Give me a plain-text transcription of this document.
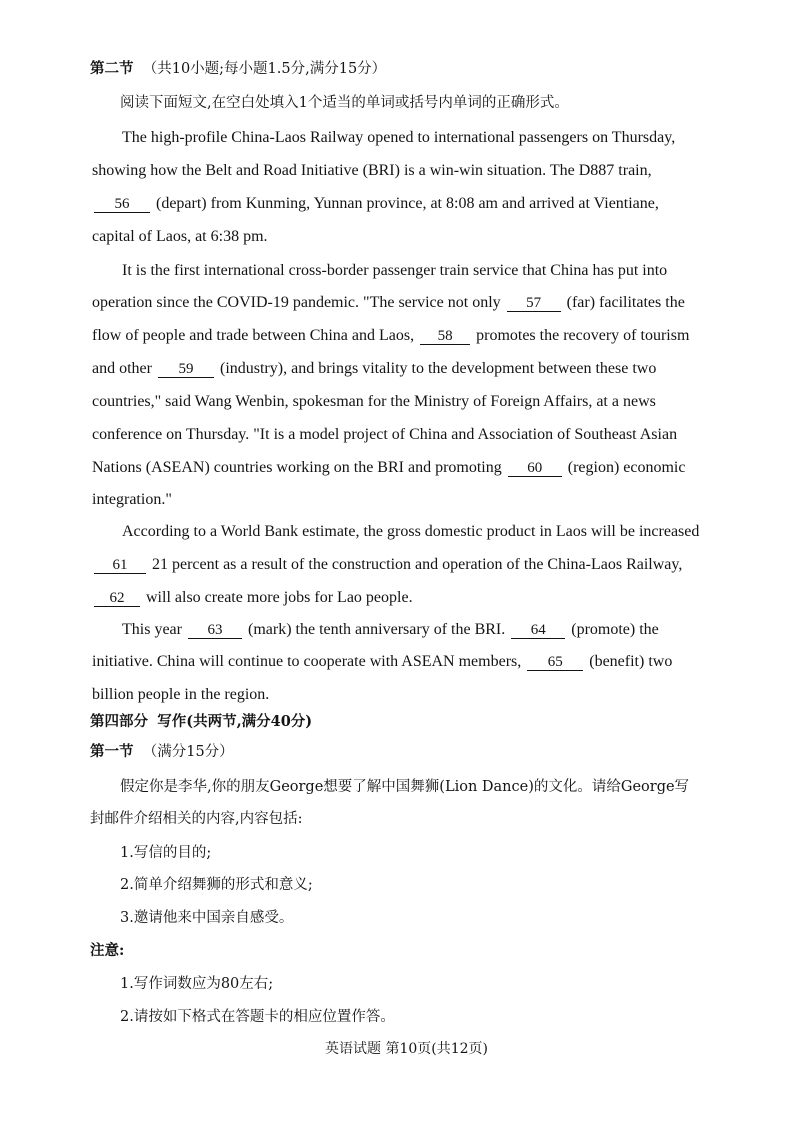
第二节 （共10小题;每小题1.5分,满分15分）
阅读下面短文,在空白处填入1个适当的单词或括号内单词的正确形式。
The high-profile China-Laos Railway opened to international passengers on Thursday,
showing how the Belt and Road Initiative (BRI) is a win-win situation. The D887 train,
56 (depart) from Kunming, Yunnan province, at 8:08 am and arrived at Vientiane,
capital of Laos, at 6:38 pm.
It is the first international cross-border passenger train service that China has put into
operation since the COVID-19 pandemic. "The service not only 57 (far) facilitates the
flow of people and trade between China and Laos, 58 promotes the recovery of tourism
and other 59 (industry), and brings vitality to the development between these two
countries," said Wang Wenbin, spokesman for the Ministry of Foreign Affairs, at a news
conference on Thursday. "It is a model project of China and Association of Southeast Asian
Nations (ASEAN) countries working on the BRI and promoting 60 (region) economic
integration."
According to a World Bank estimate, the gross domestic product in Laos will be increased
61 21 percent as a result of the construction and operation of the China-Laos Railway,
62 will also create more jobs for Lao people.
This year 63 (mark) the tenth anniversary of the BRI. 64 (promote) the
initiative. China will continue to cooperate with ASEAN members, 65 (benefit) two
billion people in the region.
第四部分 写作(共两节,满分40分)
第一节 （满分15分）
假定你是李华,你的朋友George想要了解中国舞狮(Lion Dance)的文化。请给George写
封邮件介绍相关的内容,内容包括:
1.写信的目的;
2.简单介绍舞狮的形式和意义;
3.邀请他来中国亲自感受。
注意:
1.写作词数应为80左右;
2.请按如下格式在答题卡的相应位置作答。
英语试题 第10页(共12页)
